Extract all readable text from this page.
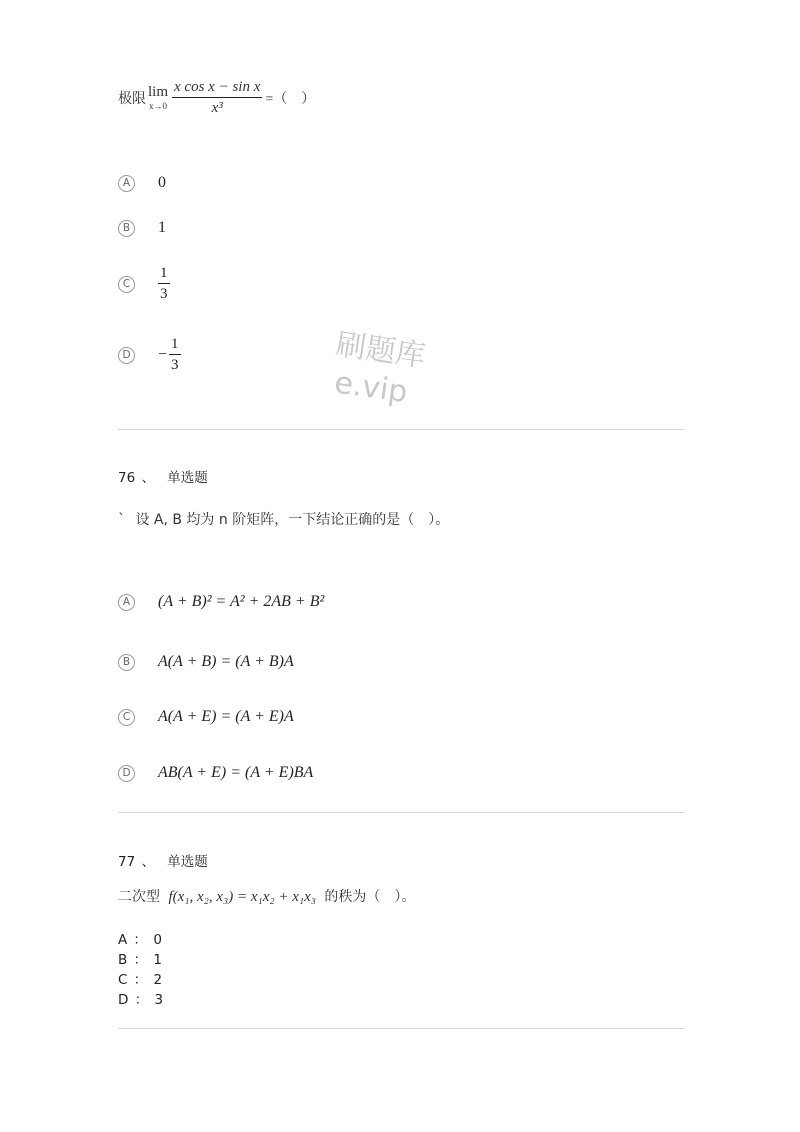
极限 lim
$x\to 0 \frac{\text{x cos x − sin x}}{\text{x³}}$ =（　）
A	0
B	1
C	$\frac{1}{3}$
$D - \frac{1}{3}$	刷题库
e.vip
76 、 单选题
` 设 A, B 均为 n 阶矩阵，一下结论正确的是（　）。
A	(A + B)² = A² + 2AB + B²
B	A(A + B) = (A + B)A
C	A(A + E) = (A + E)A
D AB(A + E) = (A + E)BA
77 、 单选题
二次型 f(x₁, x₂, x₃) = x₁x₂ + x₁x₃ 的秩为（　）。
A ： 0
B ： 1
C ： 2
D ： 3
